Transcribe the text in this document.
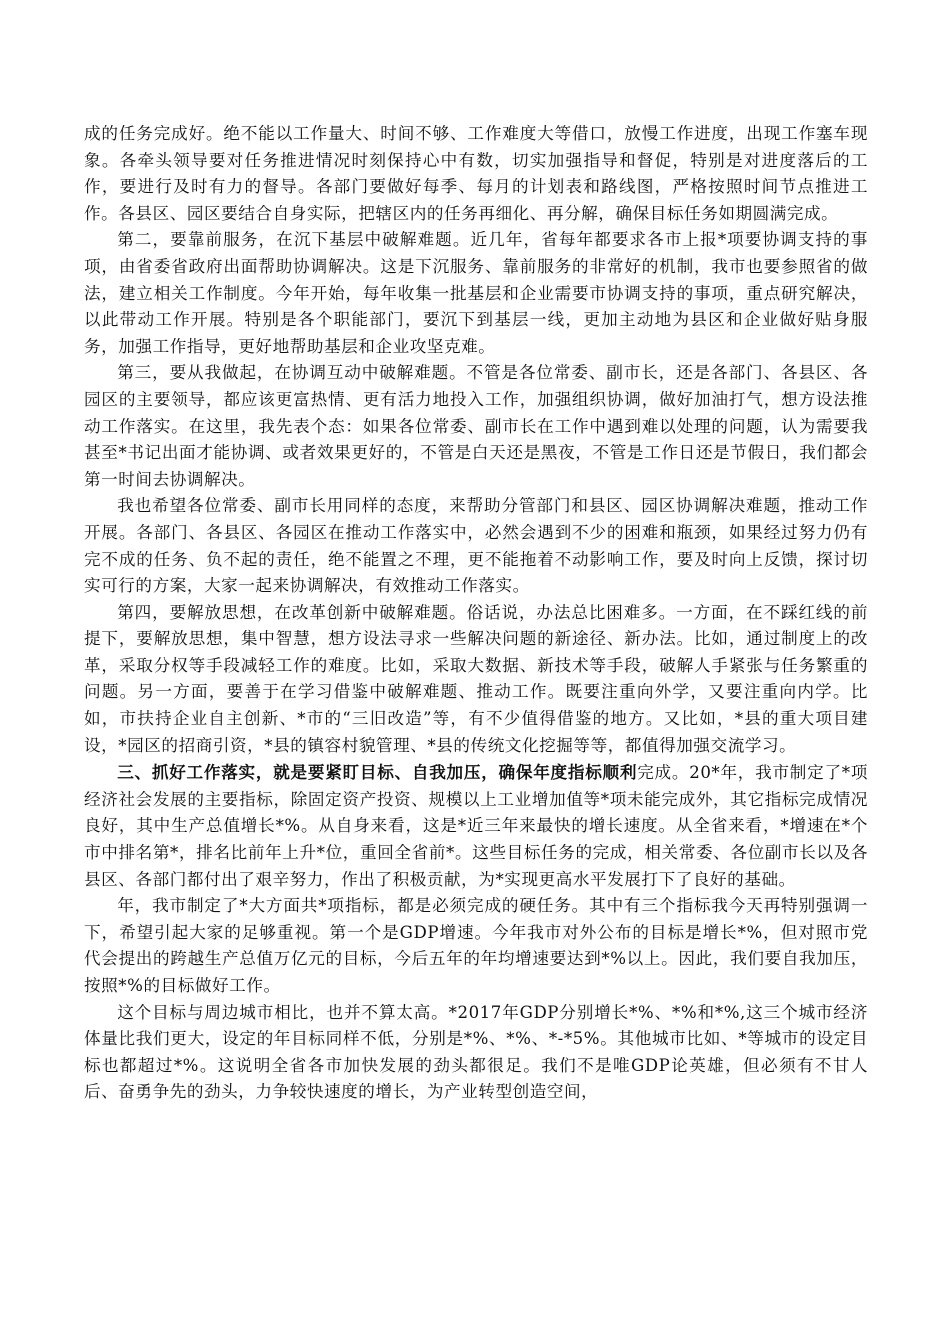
成的任务完成好。绝不能以工作量大、时间不够、工作难度大等借口，放慢工作进度，出现工作塞车现象。各牵头领导要对任务推进情况时刻保持心中有数，切实加强指导和督促，特别是对进度落后的工作，要进行及时有力的督导。各部门要做好每季、每月的计划表和路线图，严格按照时间节点推进工作。各县区、园区要结合自身实际，把辖区内的任务再细化、再分解，确保目标任务如期圆满完成。

第二，要靠前服务，在沉下基层中破解难题。近几年，省每年都要求各市上报*项要协调支持的事项，由省委省政府出面帮助协调解决。这是下沉服务、靠前服务的非常好的机制，我市也要参照省的做法，建立相关工作制度。今年开始，每年收集一批基层和企业需要市协调支持的事项，重点研究解决，以此带动工作开展。特别是各个职能部门，要沉下到基层一线，更加主动地为县区和企业做好贴身服务，加强工作指导，更好地帮助基层和企业攻坚克难。

第三，要从我做起，在协调互动中破解难题。不管是各位常委、副市长，还是各部门、各县区、各园区的主要领导，都应该更富热情、更有活力地投入工作，加强组织协调，做好加油打气，想方设法推动工作落实。在这里，我先表个态：如果各位常委、副市长在工作中遇到难以处理的问题，认为需要我甚至*书记出面才能协调、或者效果更好的，不管是白天还是黑夜，不管是工作日还是节假日，我们都会第一时间去协调解决。

我也希望各位常委、副市长用同样的态度，来帮助分管部门和县区、园区协调解决难题，推动工作开展。各部门、各县区、各园区在推动工作落实中，必然会遇到不少的困难和瓶颈，如果经过努力仍有完不成的任务、负不起的责任，绝不能置之不理，更不能拖着不动影响工作，要及时向上反馈，探讨切实可行的方案，大家一起来协调解决，有效推动工作落实。

第四，要解放思想，在改革创新中破解难题。俗话说，办法总比困难多。一方面，在不踩红线的前提下，要解放思想，集中智慧，想方设法寻求一些解决问题的新途径、新办法。比如，通过制度上的改革，采取分权等手段减轻工作的难度。比如，采取大数据、新技术等手段，破解人手紧张与任务繁重的问题。另一方面，要善于在学习借鉴中破解难题、推动工作。既要注重向外学，又要注重向内学。比如，市扶持企业自主创新、*市的“三旧改造”等，有不少值得借鉴的地方。又比如，*县的重大项目建设，*园区的招商引资，*县的镇容村貌管理、*县的传统文化挖掘等等，都值得加强交流学习。

三、抓好工作落实，就是要紧盯目标、自我加压，确保年度指标顺利完成。20*年，我市制定了*项经济社会发展的主要指标，除固定资产投资、规模以上工业增加值等*项未能完成外，其它指标完成情况良好，其中生产总值增长*%。从自身来看，这是*近三年来最快的增长速度。从全省来看，*增速在*个市中排名第*，排名比前年上升*位，重回全省前*。这些目标任务的完成，相关常委、各位副市长以及各县区、各部门都付出了艰辛努力，作出了积极贡献，为*实现更高水平发展打下了良好的基础。

年，我市制定了*大方面共*项指标，都是必须完成的硬任务。其中有三个指标我今天再特别强调一下，希望引起大家的足够重视。第一个是GDP增速。今年我市对外公布的目标是增长*%，但对照市党代会提出的跨越生产总值万亿元的目标，今后五年的年均增速要达到*%以上。因此，我们要自我加压，按照*%的目标做好工作。

这个目标与周边城市相比，也并不算太高。*2017年GDP分别增长*%、*%和*%,这三个城市经济体量比我们更大，设定的年目标同样不低，分别是*%、*%、*-*5%。其他城市比如、*等城市的设定目标也都超过*%。这说明全省各市加快发展的劲头都很足。我们不是唯GDP论英雄，但必须有不甘人后、奋勇争先的劲头，力争较快速度的增长，为产业转型创造空间，
